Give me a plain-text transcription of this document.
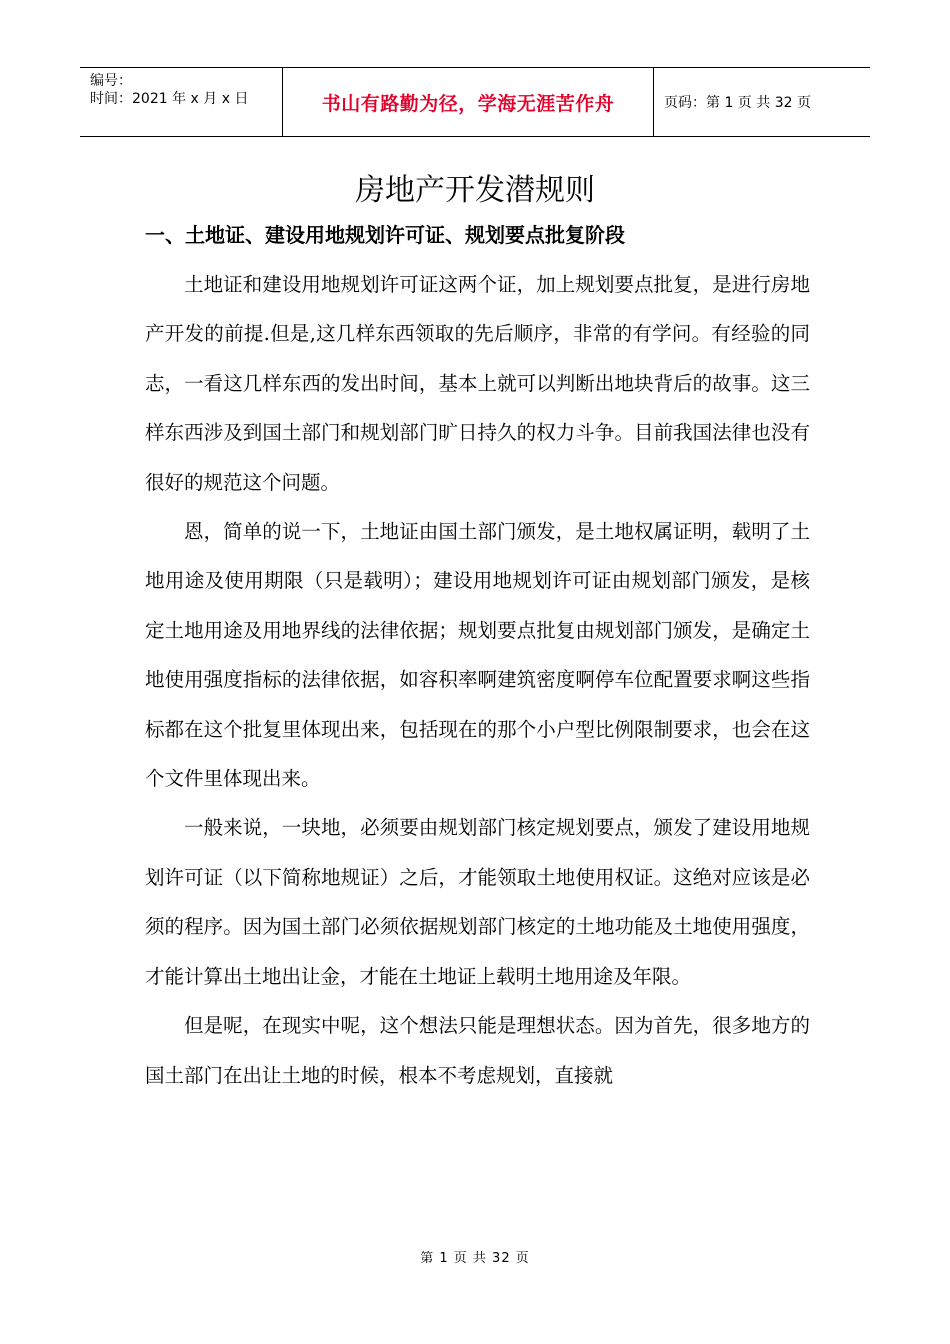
编号：
时间：2021 年 x 月 x 日	书山有路勤为径，学海无涯苦作舟	页码：第 1 页 共 32 页
房地产开发潜规则
一、土地证、建设用地规划许可证、规划要点批复阶段

土地证和建设用地规划许可证这两个证，加上规划要点批复，是进行房地产开发的前提.但是,这几样东西领取的先后顺序，非常的有学问。有经验的同志，一看这几样东西的发出时间，基本上就可以判断出地块背后的故事。这三样东西涉及到国土部门和规划部门旷日持久的权力斗争。目前我国法律也没有很好的规范这个问题。

恩，简单的说一下，土地证由国土部门颁发，是土地权属证明，载明了土地用途及使用期限（只是载明）；建设用地规划许可证由规划部门颁发，是核定土地用途及用地界线的法律依据；规划要点批复由规划部门颁发，是确定土地使用强度指标的法律依据，如容积率啊建筑密度啊停车位配置要求啊这些指标都在这个批复里体现出来，包括现在的那个小户型比例限制要求，也会在这个文件里体现出来。

一般来说，一块地，必须要由规划部门核定规划要点，颁发了建设用地规划许可证（以下简称地规证）之后，才能领取土地使用权证。这绝对应该是必须的程序。因为国土部门必须依据规划部门核定的土地功能及土地使用强度，才能计算出土地出让金，才能在土地证上载明土地用途及年限。

但是呢，在现实中呢，这个想法只能是理想状态。因为首先，很多地方的国土部门在出让土地的时候，根本不考虑规划，直接就

第 1 页 共 32 页
